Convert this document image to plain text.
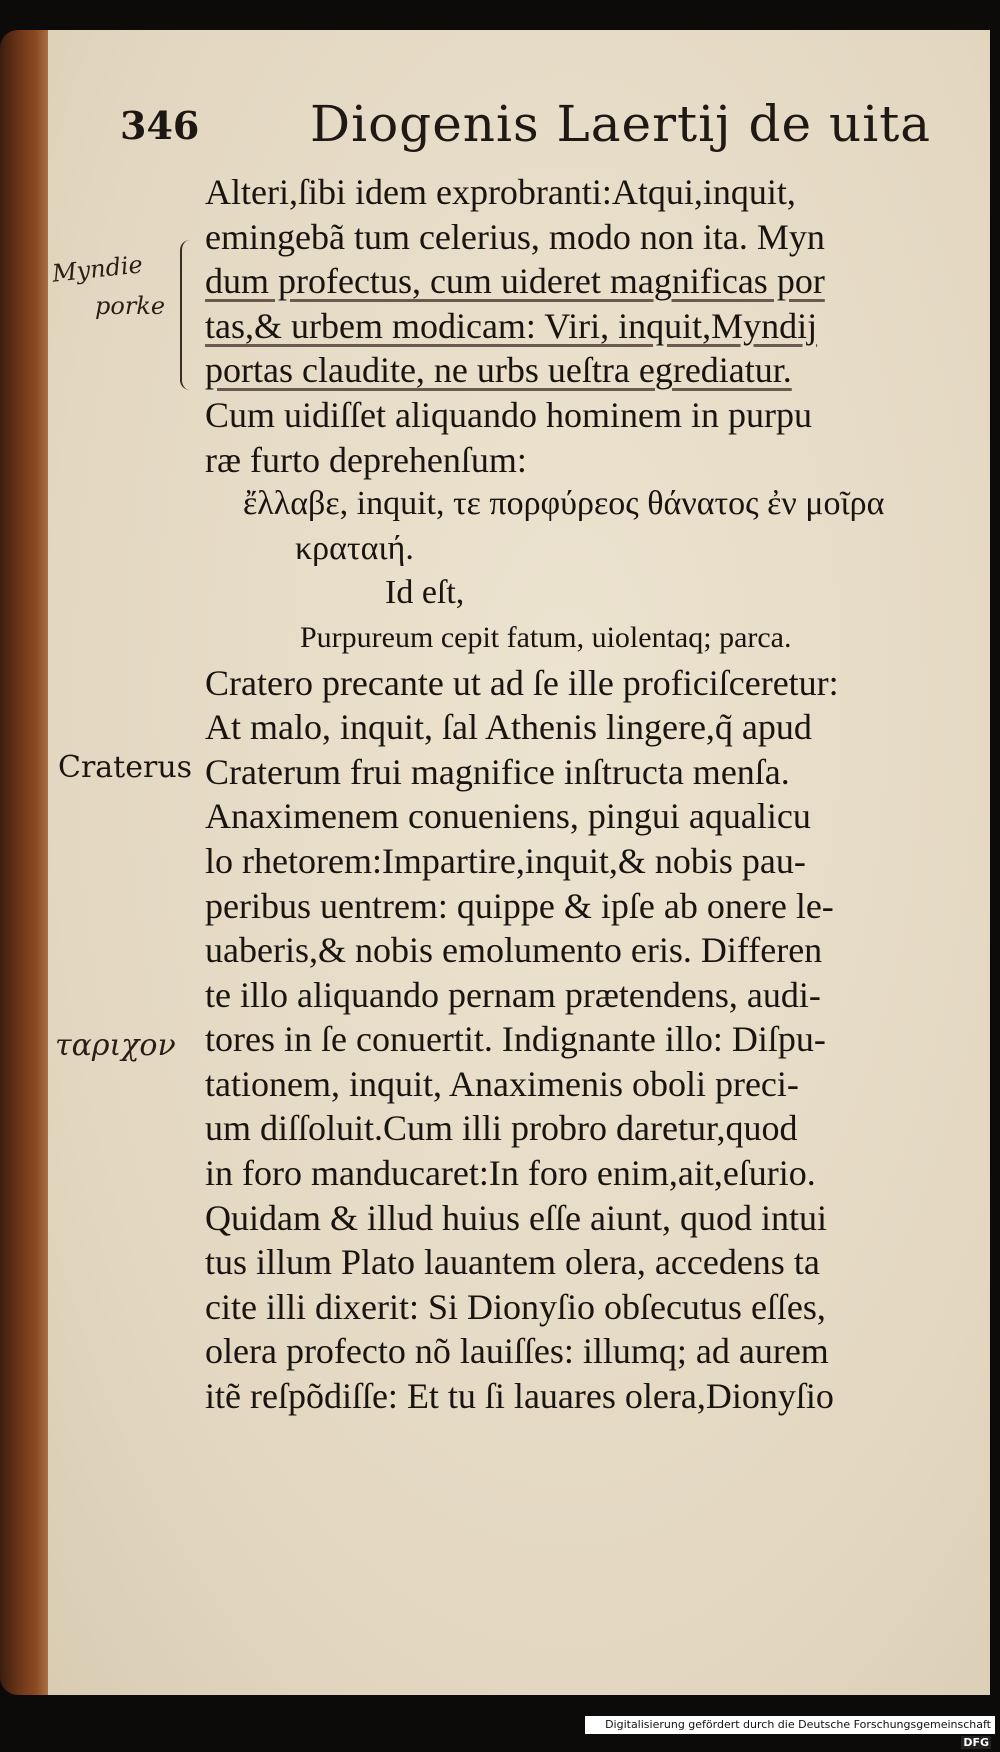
346 Diogenis Laertij de uita
Myndie
porke
Craterus
ταριχον
Alteri,ſibi idem exprobranti:Atqui,inquit,
emingebã tum celerius, modo non ita. Myn
dum profectus, cum uideret magnificas por
tas,& urbem modicam: Viri, inquit,Myndij
portas claudite, ne urbs ueſtra egrediatur.
Cum uidiſſet aliquando hominem in purpu
ræ furto deprehenſum:
ἔλλαβε, inquit, τε πορφύρεος θάνατος ἐν μοῖρα
κραταιή.
Id eſt,
Purpureum cepit fatum, uiolentaq; parca.
Cratero precante ut ad ſe ille proficiſceretur:
At malo, inquit, ſal Athenis lingere,q̃ apud
Craterum frui magnifice inſtructa menſa.
Anaximenem conueniens, pingui aqualicu
lo rhetorem:Impartire,inquit,& nobis pau-
peribus uentrem: quippe & ipſe ab onere le-
uaberis,& nobis emolumento eris. Differen
te illo aliquando pernam prætendens, audi-
tores in ſe conuertit. Indignante illo: Diſpu-
tationem, inquit, Anaximenis oboli preci-
um diſſoluit.Cum illi probro daretur,quod
in foro manducaret:In foro enim,ait,eſurio.
Quidam & illud huius eſſe aiunt, quod intui
tus illum Plato lauantem olera, accedens ta
cite illi dixerit: Si Dionyſio obſecutus eſſes,
olera profecto nõ lauiſſes: illumq; ad aurem
itẽ reſpõdiſſe: Et tu ſi lauares olera,Dionyſio
Digitalisierung gefördert durch die Deutsche Forschungsgemeinschaft · DFG
